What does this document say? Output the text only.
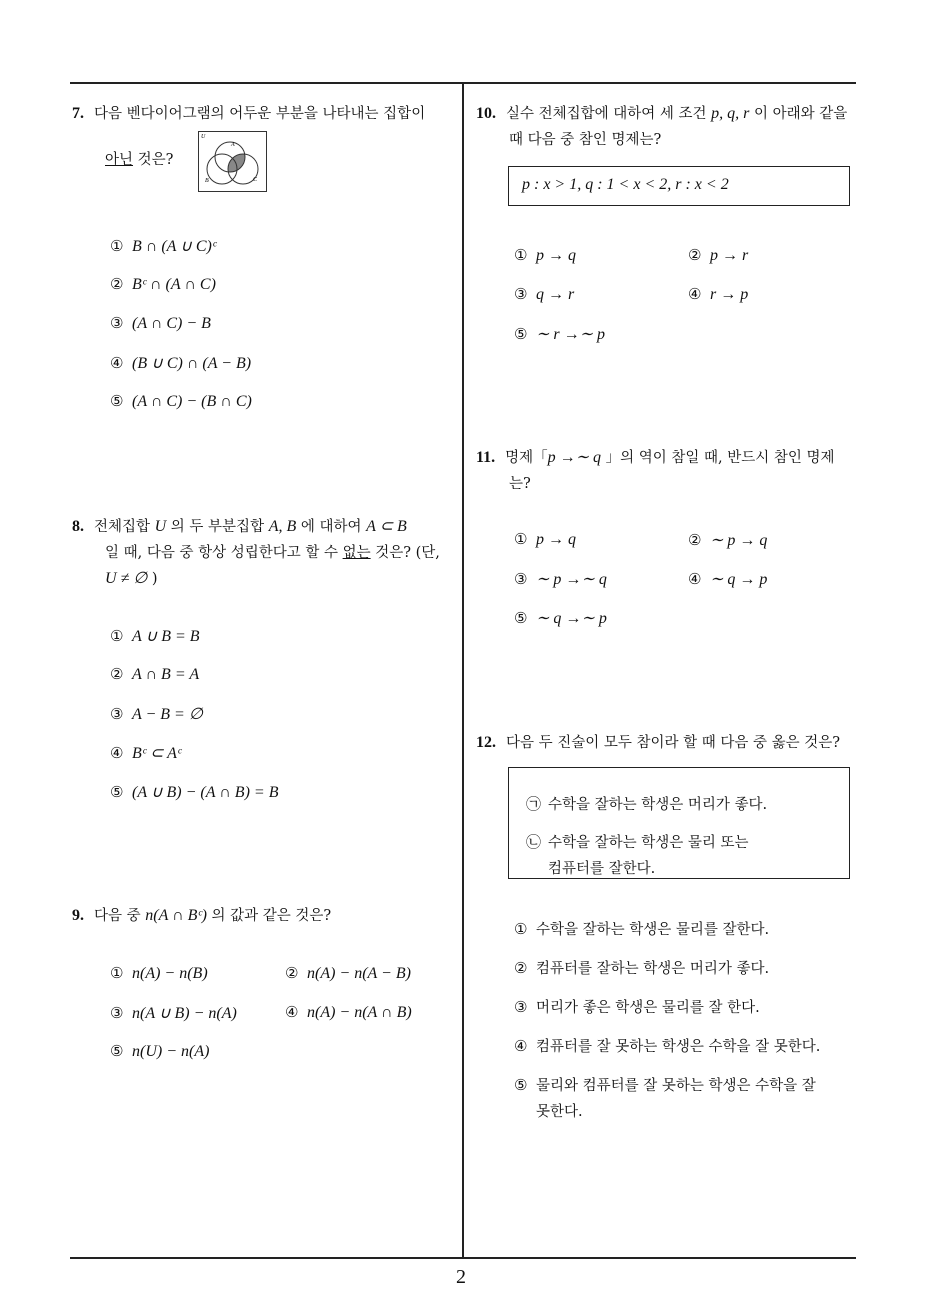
2
7. 다음 벤다이어그램의 어두운 부분을 나타내는 집합이
아닌 것은?
U
A
B	C
① B ∩ (A ∪ C)ᶜ
② Bᶜ ∩ (A ∩ C)
③ (A ∩ C) − B
④ (B ∪ C) ∩ (A − B)
⑤ (A ∩ C) − (B ∩ C)
8. 전체집합 U 의 두 부분집합 A, B 에 대하여 A ⊂ B
일 때, 다음 중 항상 성립한다고 할 수 없는 것은? (단,
U ≠ ∅ )
① A ∪ B = B
② A ∩ B = A
③ A − B = ∅
④ Bᶜ ⊂ Aᶜ
⑤ (A ∪ B) − (A ∩ B) = B
9. 다음 중 n(A ∩ Bᶜ) 의 값과 같은 것은?
① n(A) − n(B)	② n(A) − n(A − B)
③ n(A ∪ B) − n(A)	④ n(A) − n(A ∩ B)
⑤ n(U) − n(A)
10. 실수 전체집합에 대하여 세 조건 p, q, r 이 아래와 같을
때 다음 중 참인 명제는?
p : x > 1, q : 1 < x < 2, r : x < 2
① p → q	② p → r
③ q → r	④ r → p
⑤ ∼ r →∼ p
11. 명제「p →∼ q 」의 역이 참일 때, 반드시 참인 명제
는?
① p → q	② ∼ p → q
③ ∼ p →∼ q	④ ∼ q → p
⑤ ∼ q →∼ p
12. 다음 두 진술이 모두 참이라 할 때 다음 중 옳은 것은?
㉠ 수학을 잘하는 학생은 머리가 좋다.
㉡ 수학을 잘하는 학생은 물리 또는
컴퓨터를 잘한다.
① 수학을 잘하는 학생은 물리를 잘한다.
② 컴퓨터를 잘하는 학생은 머리가 좋다.
③ 머리가 좋은 학생은 물리를 잘 한다.
④ 컴퓨터를 잘 못하는 학생은 수학을 잘 못한다.
⑤ 물리와 컴퓨터를 잘 못하는 학생은 수학을 잘
못한다.
